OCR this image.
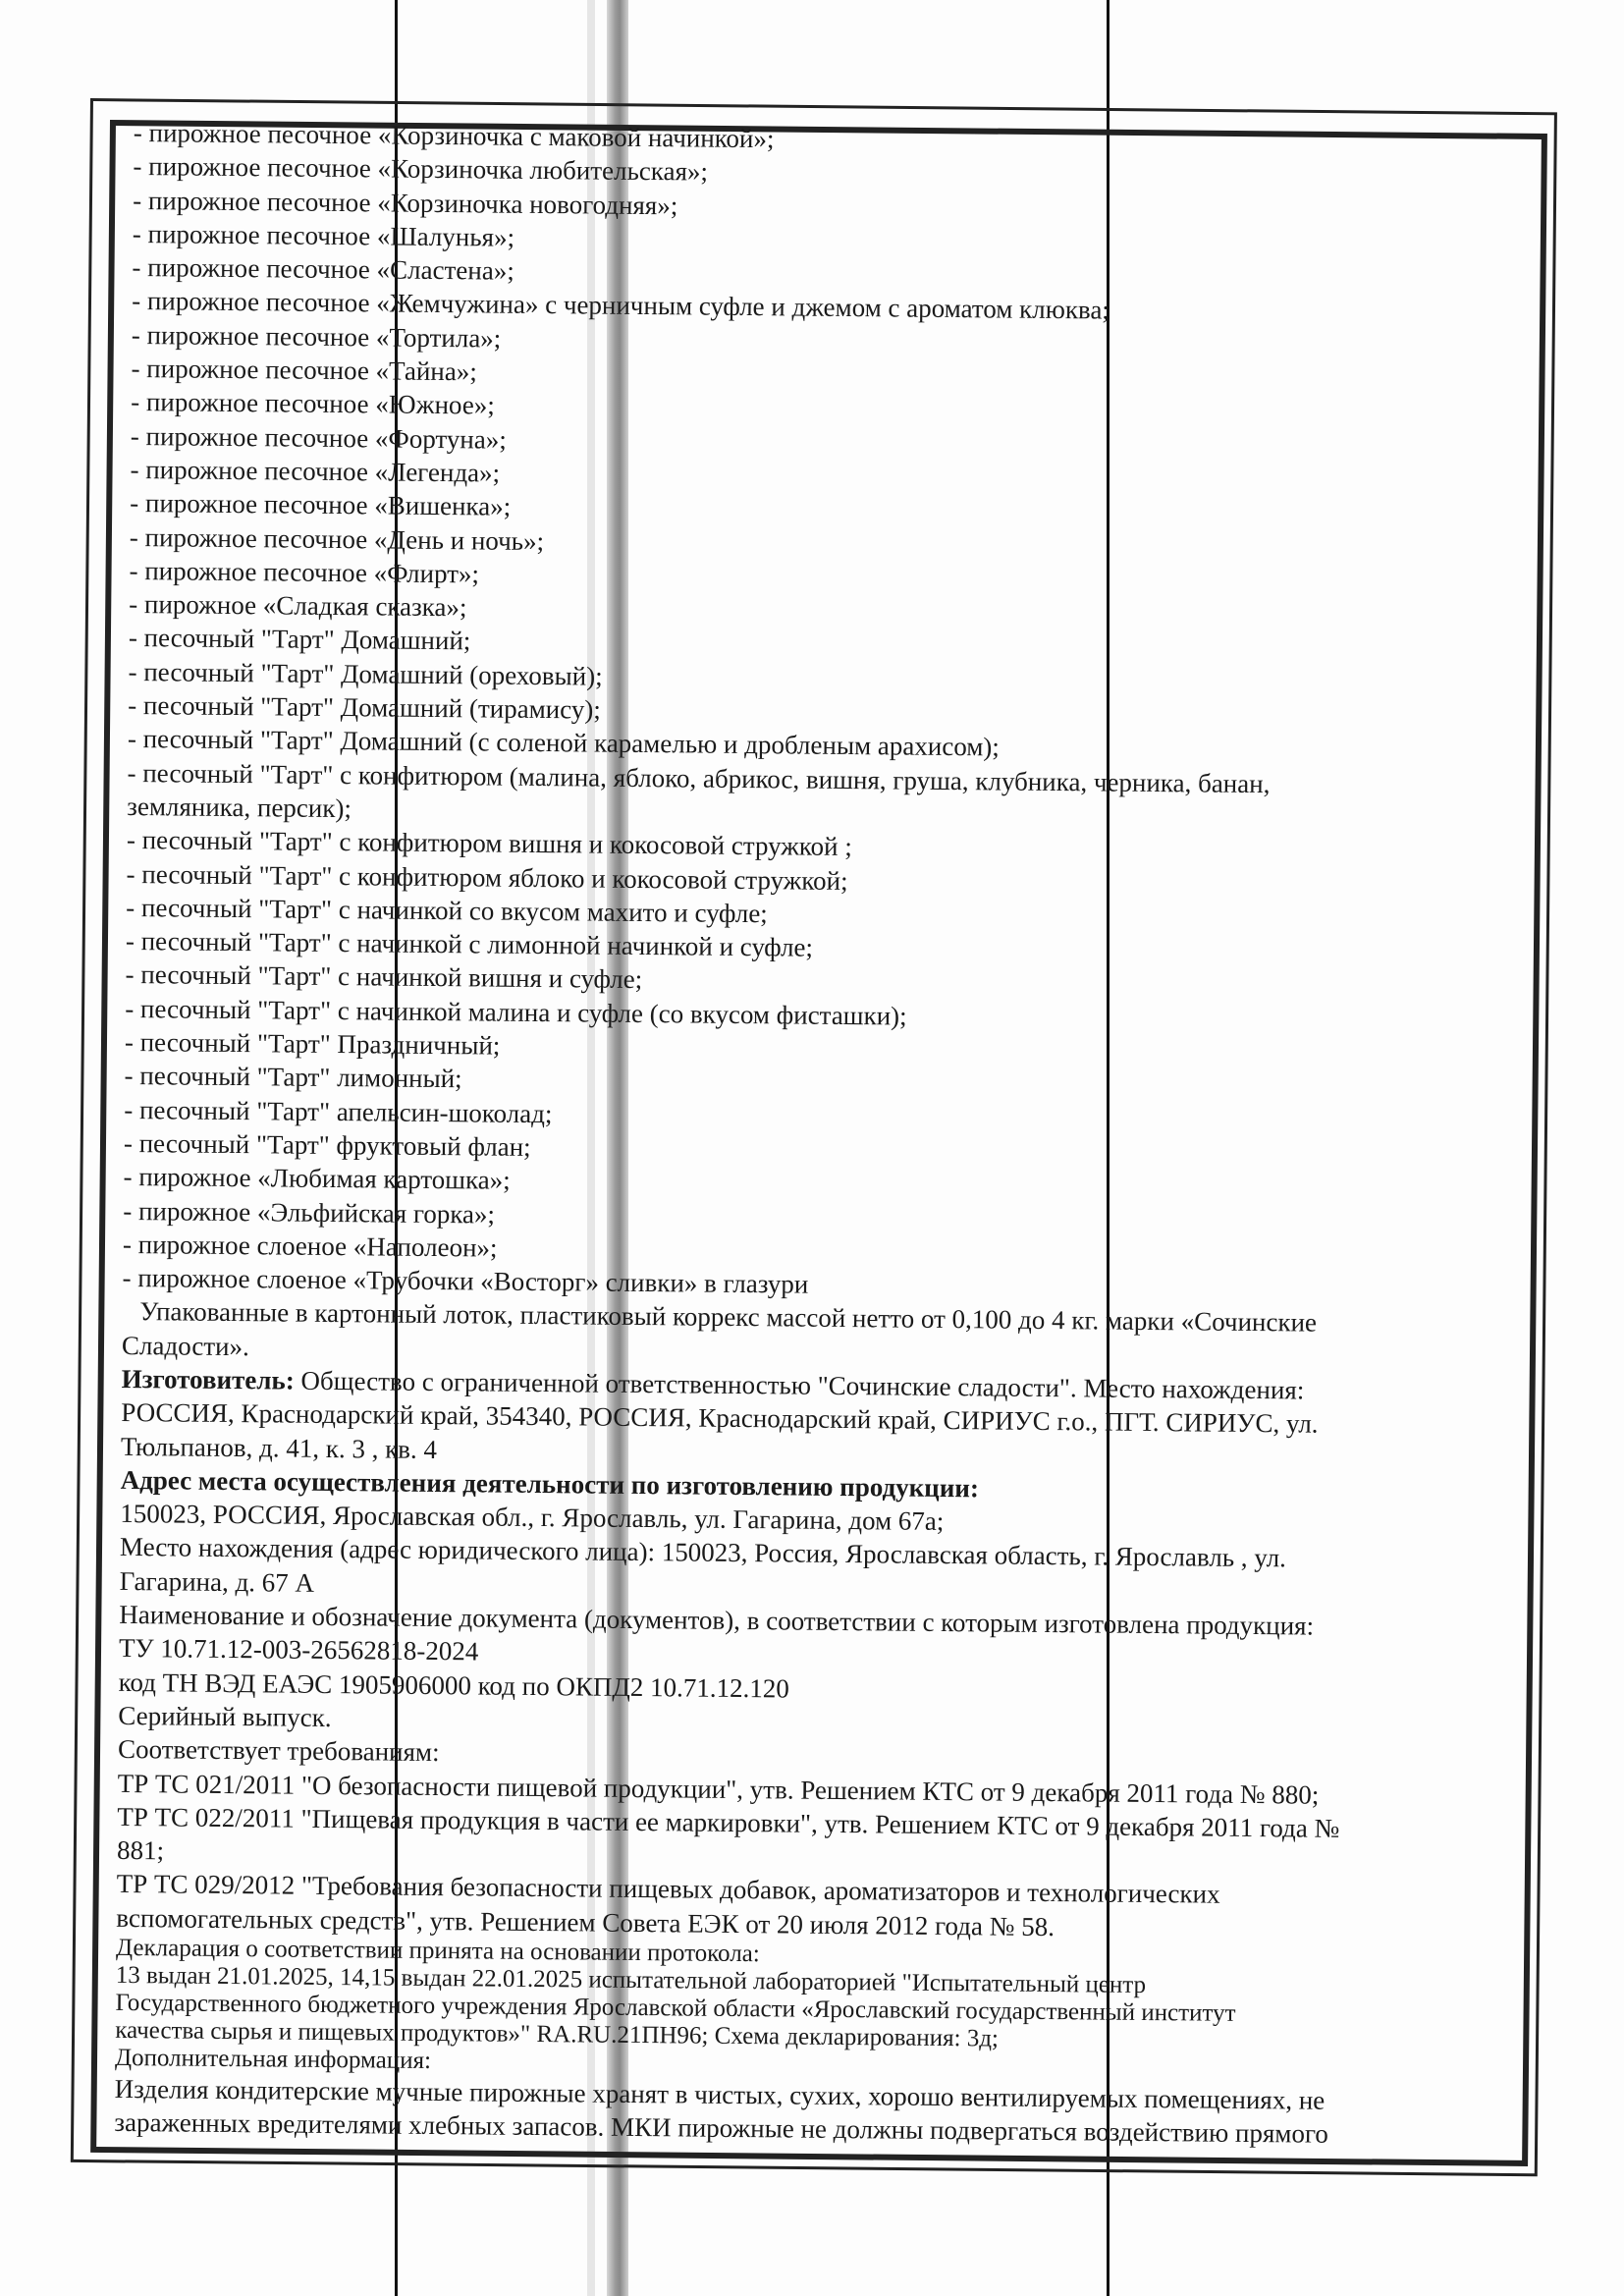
- пирожное песочное «Корзиночка с маковой начинкой»;

- пирожное песочное «Корзиночка любительская»;

- пирожное песочное «Корзиночка новогодняя»;

- пирожное песочное «Шалунья»;

- пирожное песочное «Сластена»;

- пирожное песочное «Жемчужина» с черничным суфле и джемом с ароматом клюква;

- пирожное песочное «Тортила»;

- пирожное песочное «Тайна»;

- пирожное песочное «Южное»;

- пирожное песочное «Фортуна»;

- пирожное песочное «Легенда»;

- пирожное песочное «Вишенка»;

- пирожное песочное «День и ночь»;

- пирожное песочное «Флирт»;

- пирожное «Сладкая сказка»;

- песочный "Тарт" Домашний;

- песочный "Тарт" Домашний (ореховый);

- песочный "Тарт" Домашний (тирамису);

- песочный "Тарт" Домашний (с соленой карамелью и дробленым арахисом);

- песочный "Тарт" с конфитюром (малина, яблоко, абрикос, вишня, груша, клубника, черника, банан,

земляника, персик);

- песочный "Тарт" с конфитюром вишня и кокосовой стружкой ;

- песочный "Тарт" с конфитюром яблоко и кокосовой стружкой;

- песочный "Тарт" с начинкой со вкусом махито и суфле;

- песочный "Тарт" с начинкой с лимонной начинкой и суфле;

- песочный "Тарт" с начинкой вишня и суфле;

- песочный "Тарт" с начинкой малина и суфле (со вкусом фисташки);

- песочный "Тарт" Праздничный;

- песочный "Тарт" лимонный;

- песочный "Тарт" апельсин-шоколад;

- песочный "Тарт" фруктовый флан;

- пирожное «Любимая картошка»;

- пирожное «Эльфийская горка»;

- пирожное слоеное «Наполеон»;

- пирожное слоеное «Трубочки «Восторг» сливки» в глазури

Упакованные в картонный лоток, пластиковый коррекс массой нетто от 0,100 до 4 кг. марки «Сочинские

Сладости».

Изготовитель: Общество с ограниченной ответственностью "Сочинские сладости". Место нахождения:

РОССИЯ, Краснодарский край, 354340, РОССИЯ, Краснодарский край, СИРИУС г.о., ПГТ. СИРИУС, ул.

Тюльпанов, д. 41, к. 3 , кв. 4

Адрес места осуществления деятельности по изготовлению продукции:

150023, РОССИЯ, Ярославская обл., г. Ярославль, ул. Гагарина, дом 67а;

Место нахождения (адрес юридического лица): 150023, Россия, Ярославская область, г. Ярославль , ул.

Гагарина, д. 67 А

Наименование и обозначение документа (документов), в соответствии с которым изготовлена продукция:

ТУ 10.71.12-003-26562818-2024

код ТН ВЭД ЕАЭС 1905906000 код по ОКПД2 10.71.12.120

Серийный выпуск.

Соответствует требованиям:

ТР ТС 021/2011 "О безопасности пищевой продукции", утв. Решением КТС от 9 декабря 2011 года № 880;

ТР ТС 022/2011 "Пищевая продукция в части ее маркировки", утв. Решением КТС от 9 декабря 2011 года №

881;

ТР ТС 029/2012 "Требования безопасности пищевых добавок, ароматизаторов и технологических

вспомогательных средств", утв. Решением Совета ЕЭК от 20 июля 2012 года № 58.

Декларация о соответствии принята на основании протокола:

13 выдан 21.01.2025, 14,15 выдан 22.01.2025 испытательной лабораторией "Испытательный центр

Государственного бюджетного учреждения Ярославской области «Ярославский государственный институт

качества сырья и пищевых продуктов»" RA.RU.21ПН96; Схема декларирования: 3д;

Дополнительная информация:

Изделия кондитерские мучные пирожные хранят в чистых, сухих, хорошо вентилируемых помещениях, не

зараженных вредителями хлебных запасов. МКИ пирожные не должны подвергаться воздействию прямого
